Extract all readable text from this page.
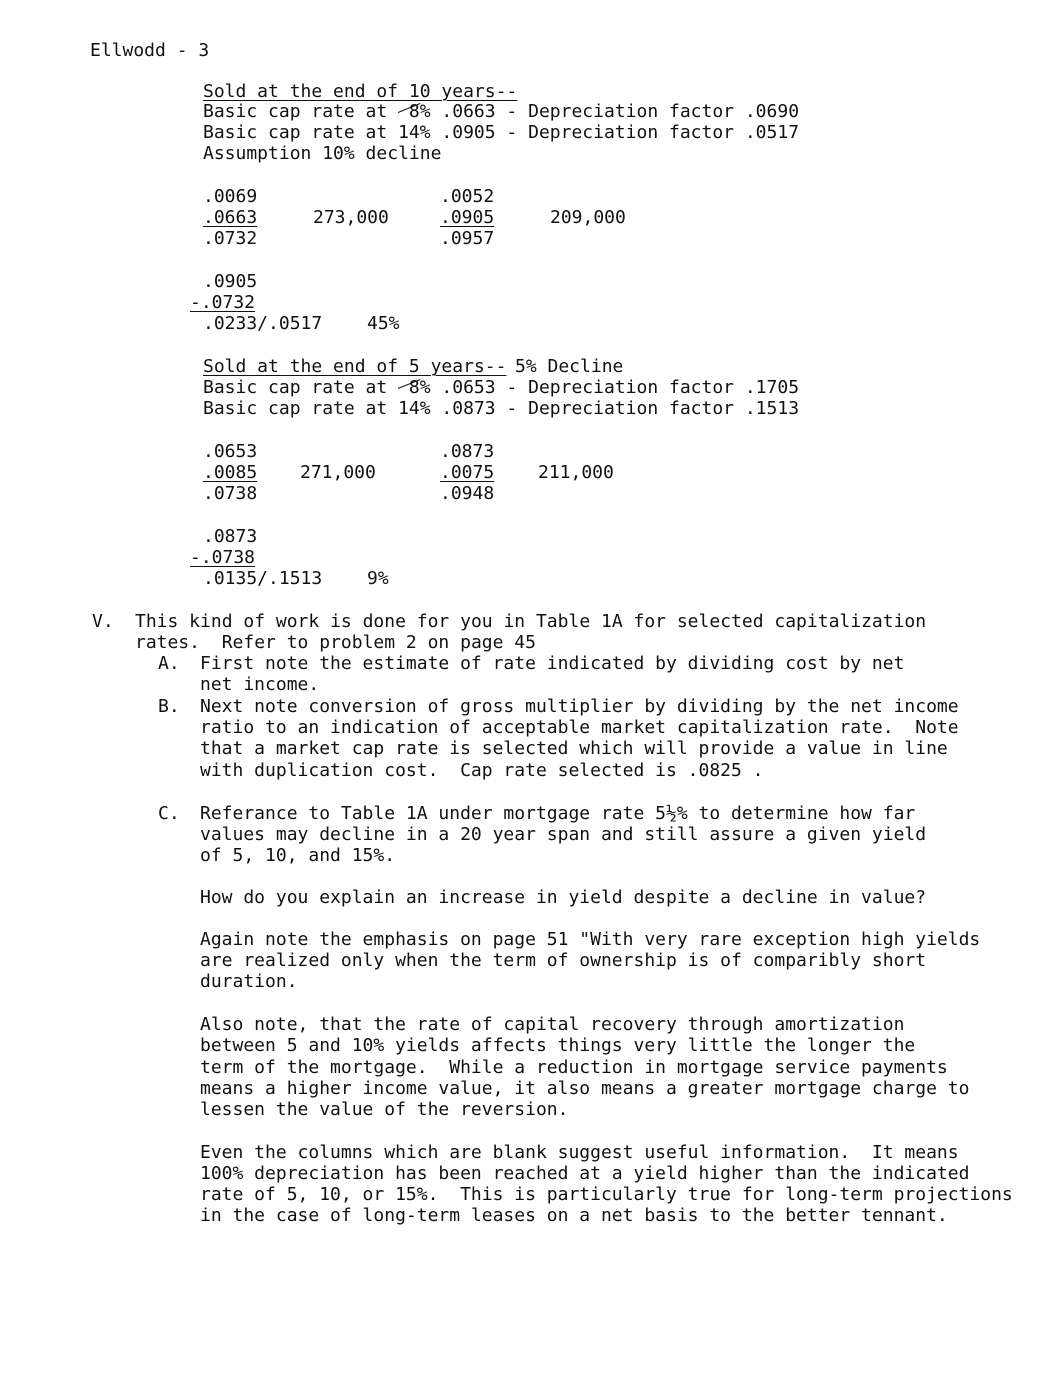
Ellwodd - 3
Sold at the end of 10 years--
Basic cap rate at  8% .0663 - Depreciation factor .0690
Basic cap rate at 14% .0905 - Depreciation factor .0517
Assumption 10% decline
.0069
.0663
.0732
273,000
.0052
.0905
.0957
209,000
.0905
-.0732
.0233/.0517 45%
Sold at the end of 5 years-- 5% Decline
Basic cap rate at  8% .0653 - Depreciation factor .1705
Basic cap rate at 14% .0873 - Depreciation factor .1513
.0653
.0085
.0738
271,000
.0873
.0075
.0948
211,000
.0873
-.0738
.0135/.1513 9%
V. This kind of work is done for you in Table 1A for selected capitalization
rates.  Refer to problem 2 on page 45
A. First note the estimate of rate indicated by dividing cost by net
net income.
B. Next note conversion of gross multiplier by dividing by the net income
ratio to an indication of acceptable market capitalization rate.  Note
that a market cap rate is selected which will provide a value in line
with duplication cost.  Cap rate selected is .0825 .
C. Referance to Table 1A under mortgage rate 5½% to determine how far
values may decline in a 20 year span and still assure a given yield
of 5, 10, and 15%.
How do you explain an increase in yield despite a decline in value?
Again note the emphasis on page 51 "With very rare exception high yields
are realized only when the term of ownership is of comparibly short
duration.
Also note, that the rate of capital recovery through amortization
between 5 and 10% yields affects things very little the longer the
term of the mortgage.  While a reduction in mortgage service payments
means a higher income value, it also means a greater mortgage charge to
lessen the value of the reversion.
Even the columns which are blank suggest useful information.  It means
100% depreciation has been reached at a yield higher than the indicated
rate of 5, 10, or 15%.  This is particularly true for long-term projections
in the case of long-term leases on a net basis to the better tennant.
